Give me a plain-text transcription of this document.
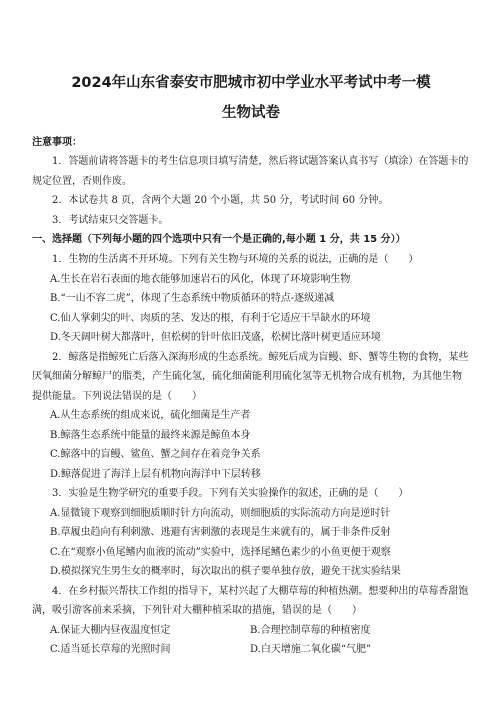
2024年山东省泰安市肥城市初中学业水平考试中考一模
生物试卷
注意事项：

1．答题前请将答题卡的考生信息项目填写清楚，然后将试题答案认真书写（填涂）在答题卡的规定位置，否则作废。

2．本试卷共 8 页，含两个大题 20 个小题，共 50 分，考试时间 60 分钟。

3．考试结束只交答题卡。

一、选择题（下列每小题的四个选项中只有一个是正确的,每小题 1 分，共 15 分））

1．生物的生活离不开环境。下列有关生物与环境的关系的说法，正确的是（　　）

A.生长在岩石表面的地衣能够加速岩石的风化，体现了环境影响生物

B.“一山不容二虎”，体现了生态系统中物质循环的特点-逐级递减

C.仙人掌刺尖的叶、肉质的茎、发达的根，有利于它适应干旱缺水的环境

D.冬天阔叶树大都落叶，但松树的针叶依旧茂盛，松树比落叶树更适应环境

2．鲸落是指鲸死亡后落入深海形成的生态系统。鲸死后成为盲鳗、虾、蟹等生物的食物，某些厌氧细菌分解鲸尸的脂类，产生硫化氢，硫化细菌能利用硫化氢等无机物合成有机物，为其他生物提供能量。下列说法错误的是（　　）

A.从生态系统的组成来说，硫化细菌是生产者

B.鲸落生态系统中能量的最终来源是鲸鱼本身

C.鲸落中的盲鳗、鲨鱼、蟹之间存在着竞争关系

D.鲸落促进了海洋上层有机物向海洋中下层转移

3．实验是生物学研究的重要手段。下列有关实验操作的叙述，正确的是（　　）

A.显微镜下观察到细胞质顺时针方向流动，则细胞质的实际流动方向是逆时针

B.草履虫趋向有利刺激、逃避有害刺激的表现是生来就有的，属于非条件反射

C.在“观察小鱼尾鳍内血液的流动”实验中，选择尾鳍色素少的小鱼更便于观察

D.模拟探究生男生女的概率时，每次取出的棋子要单独存放，避免干扰实验结果

4．在乡村振兴帮扶工作组的指导下，某村兴起了大棚草莓的种植热潮。想要种出的草莓香甜饱满，吸引游客前来采摘，下列针对大棚种植采取的措施，错误的是（　　）

A.保证大棚内昼夜温度恒定	B.合理控制草莓的种植密度
C.适当延长草莓的光照时间	D.白天增施二氧化碳“气肥”
